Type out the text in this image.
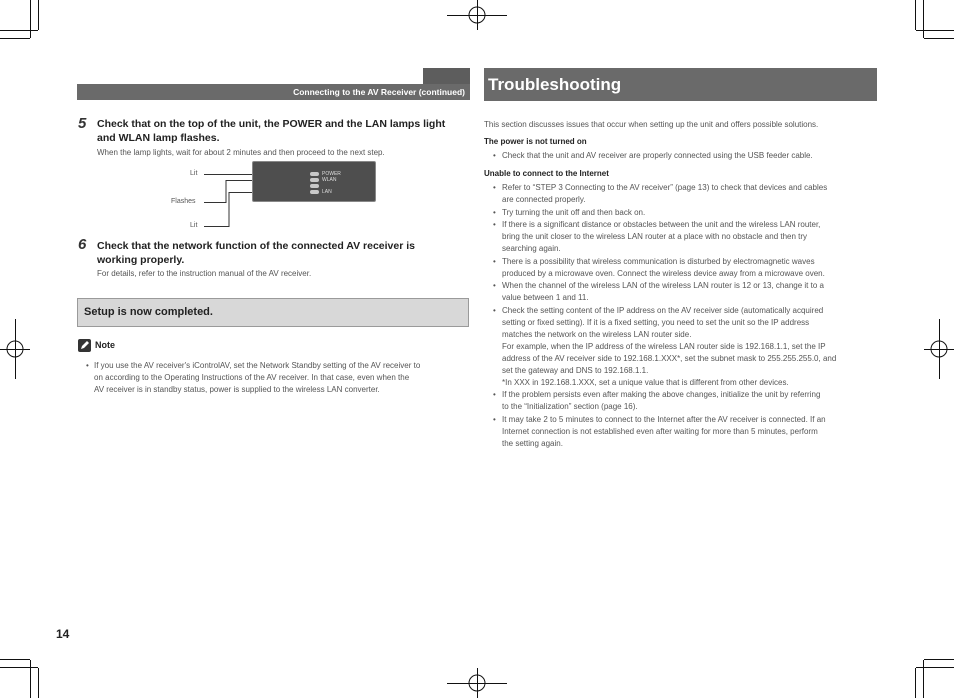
Connecting to the AV Receiver (continued)
5 Check that on the top of the unit, the POWER and the LAN lamps light
and WLAN lamp flashes.
When the lamp lights, wait for about 2 minutes and then proceed to the next step.
Lit
Flashes
Lit
POWER
WLAN
LAN
6 Check that the network function of the connected AV receiver is
working properly.
For details, refer to the instruction manual of the AV receiver.
Setup is now completed.
Note
• If you use the AV receiver's iControlAV, set the Network Standby setting of the AV receiver to
on according to the Operating Instructions of the AV receiver. In that case, even when the
AV receiver is in standby status, power is supplied to the wireless LAN converter.
14
Troubleshooting
This section discusses issues that occur when setting up the unit and offers possible solutions.
The power is not turned on
• Check that the unit and AV receiver are properly connected using the USB feeder cable.
Unable to connect to the Internet
• Refer to “STEP 3 Connecting to the AV receiver” (page 13) to check that devices and cables
are connected properly.
• Try turning the unit off and then back on.
• If there is a significant distance or obstacles between the unit and the wireless LAN router,
bring the unit closer to the wireless LAN router at a place with no obstacle and then try
searching again.
• There is a possibility that wireless communication is disturbed by electromagnetic waves
produced by a microwave oven. Connect the wireless device away from a microwave oven.
• When the channel of the wireless LAN of the wireless LAN router is 12 or 13, change it to a
value between 1 and 11.
• Check the setting content of the IP address on the AV receiver side (automatically acquired
setting or fixed setting). If it is a fixed setting, you need to set the unit so the IP address
matches the network on the wireless LAN router side.
For example, when the IP address of the wireless LAN router side is 192.168.1.1, set the IP
address of the AV receiver side to 192.168.1.XXX*, set the subnet mask to 255.255.255.0, and
set the gateway and DNS to 192.168.1.1.
*In XXX in 192.168.1.XXX, set a unique value that is different from other devices.
• If the problem persists even after making the above changes, initialize the unit by referring
to the “Initialization” section (page 16).
• It may take 2 to 5 minutes to connect to the Internet after the AV receiver is connected. If an
Internet connection is not established even after waiting for more than 5 minutes, perform
the setting again.
